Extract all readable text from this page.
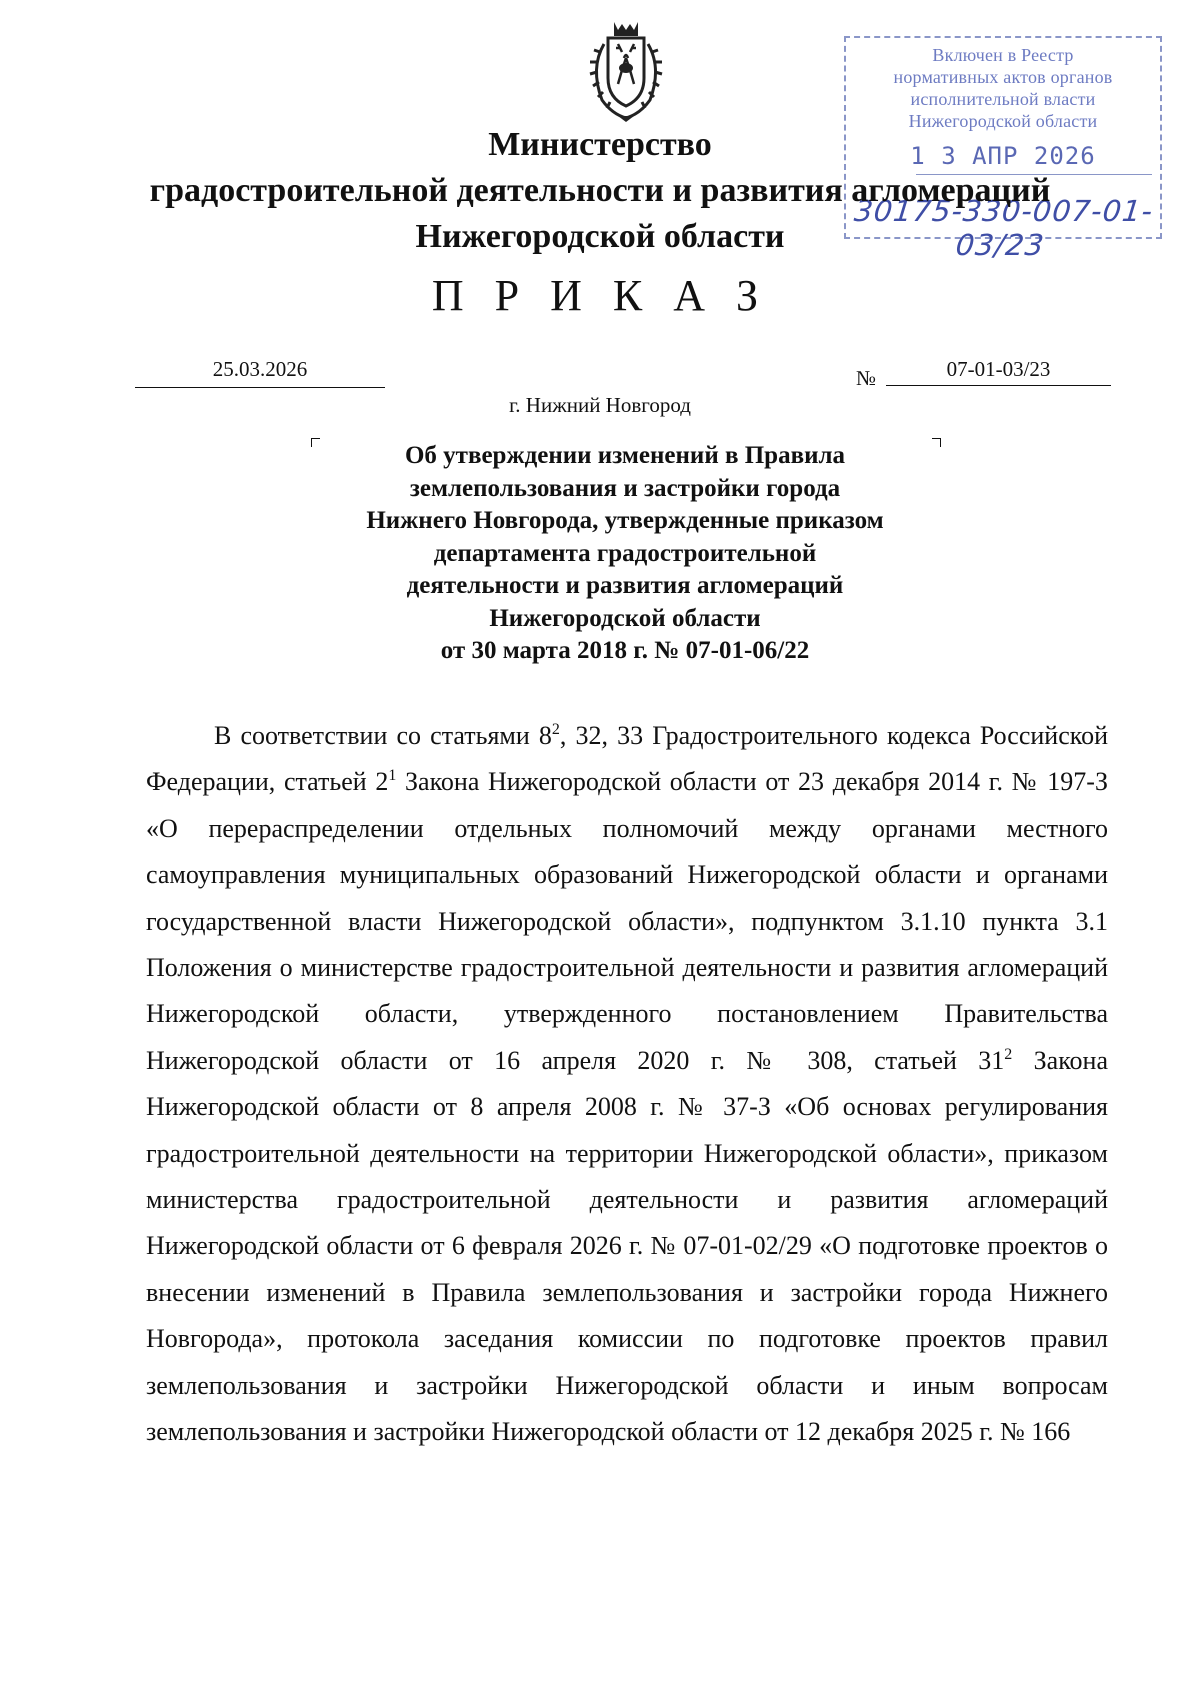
Включен в Реестр
нормативных актов органов
исполнительной власти
Нижегородской области
1 3 АПР 2026
30175-330-007-01-03/23
Министерство
градостроительной деятельности и развития агломераций
Нижегородской области
П Р И К А З
25.03.2026	№	07-01-03/23
г. Нижний Новгород
Об утверждении изменений в Правила
землепользования и застройки города
Нижнего Новгорода, утвержденные приказом
департамента градостроительной
деятельности и развития агломераций
Нижегородской области
от 30 марта 2018 г. № 07-01-06/22
В соответствии со статьями $8^2$, 32, 33 Градостроительного кодекса Российской Федерации, статьей $2^1$ Закона Нижегородской области от 23 декабря 2014 г. № 197-З «О перераспределении отдельных полномочий между органами местного самоуправления муниципальных образований Нижегородской области и органами государственной власти Нижегородской области», подпунктом 3.1.10 пункта 3.1 Положения о министерстве градостроительной деятельности и развития агломераций Нижегородской области, утвержденного постановлением Правительства Нижегородской области от 16 апреля 2020 г. № 308, статьей $31^2$ Закона Нижегородской области от 8 апреля 2008 г. № 37-З «Об основах регулирования градостроительной деятельности на территории Нижегородской области», приказом министерства градостроительной деятельности и развития агломераций Нижегородской области от 6 февраля 2026 г. № 07-01-02/29 «О подготовке проектов о внесении изменений в Правила землепользования и застройки города Нижнего Новгорода», протокола заседания комиссии по подготовке проектов правил землепользования и застройки Нижегородской области и иным вопросам землепользования и застройки Нижегородской области от 12 декабря 2025 г. № 166
